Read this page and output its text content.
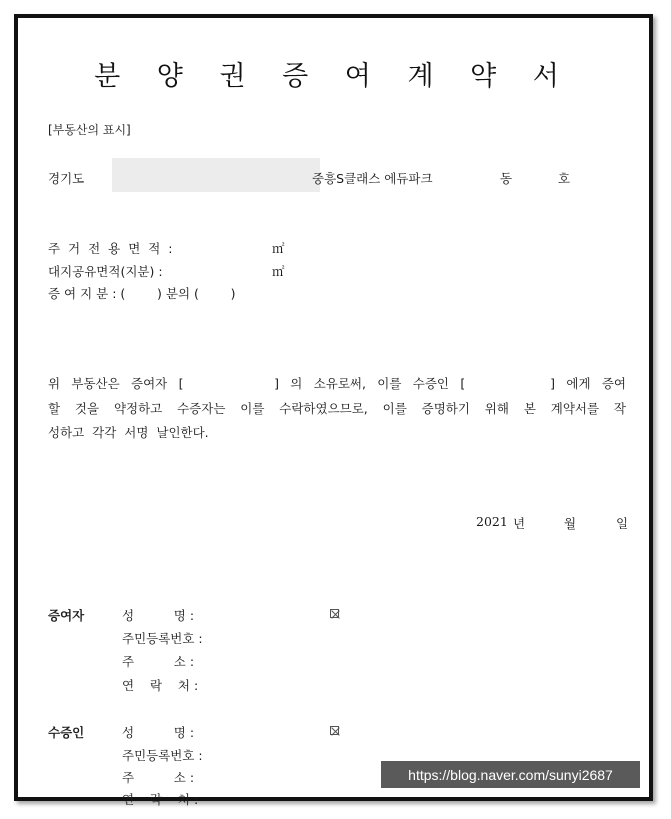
분 양 권 증 여 계 약 서
[부동산의 표시]
경기도	중흥S클래스 에듀파크	동	호
주 거 전 용 면 적 :	㎡
대지공유면적(지분) :	㎡
증 여 지 분 : (        ) 분의 (        )
위  부동산은  증여자  [                ]  의  소유로써,  이를  수증인  [               ]  에게  증여
할  것을  약정하고  수증자는  이를  수락하였으므로,  이를  증명하기  위해  본  계약서를  작
성하고  각각  서명  날인한다.
2021 년	월	일
증여자	성          명 :
주민등록번호 :
주          소 :
연    락    처 :
수증인	성          명 :
주민등록번호 :
주          소 :
연    락    처 :
https://blog.naver.com/sunyi2687
